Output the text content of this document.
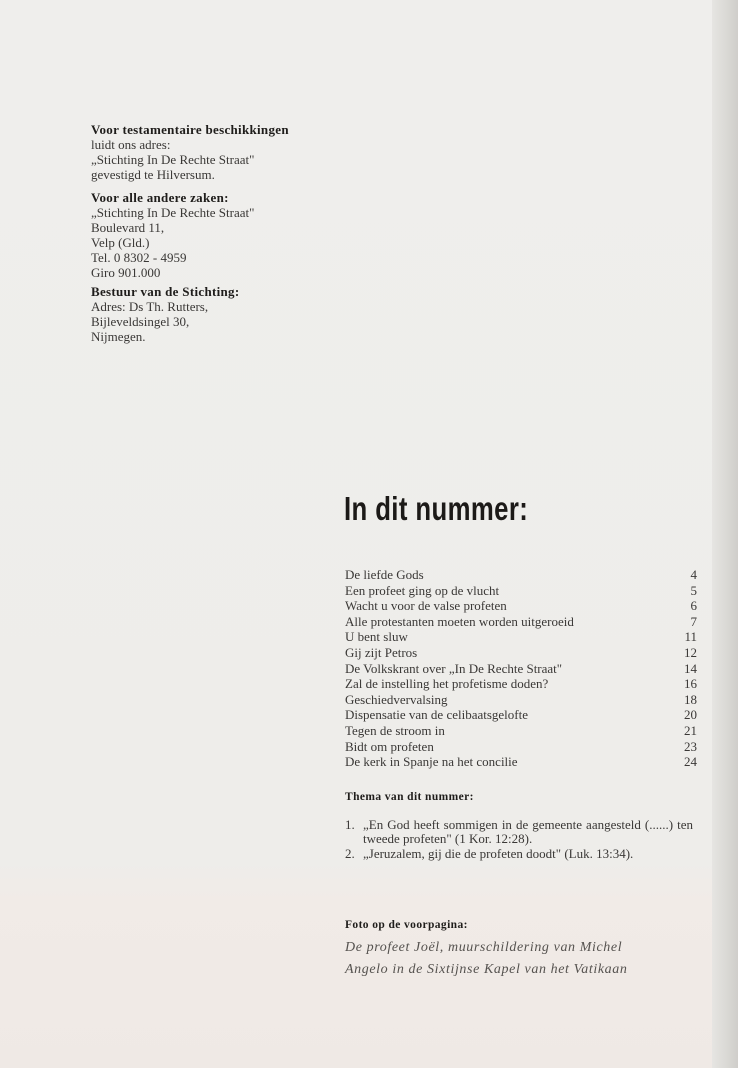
Voor testamentaire beschikkingen
luidt ons adres:
„Stichting In De Rechte Straat"
gevestigd te Hilversum.
Voor alle andere zaken:
„Stichting In De Rechte Straat"
Boulevard 11,
Velp (Gld.)
Tel. 0 8302 - 4959
Giro 901.000
Bestuur van de Stichting:
Adres: Ds Th. Rutters,
Bijleveldsingel 30,
Nijmegen.
In dit nummer:
De liefde Gods	4
Een profeet ging op de vlucht	5
Wacht u voor de valse profeten	6
Alle protestanten moeten worden uitgeroeid	7
U bent sluw	11
Gij zijt Petros	12
De Volkskrant over „In De Rechte Straat"	14
Zal de instelling het profetisme doden?	16
Geschiedvervalsing	18
Dispensatie van de celibaatsgelofte	20
Tegen de stroom in	21
Bidt om profeten	23
De kerk in Spanje na het concilie	24
Thema van dit nummer:
1. „En God heeft sommigen in de gemeente aangesteld (......) ten tweede profeten" (1 Kor. 12:28).
2. „Jeruzalem, gij die de profeten doodt" (Luk. 13:34).
Foto op de voorpagina:
De profeet Joël, muurschildering van Michel
Angelo in de Sixtijnse Kapel van het Vatikaan
